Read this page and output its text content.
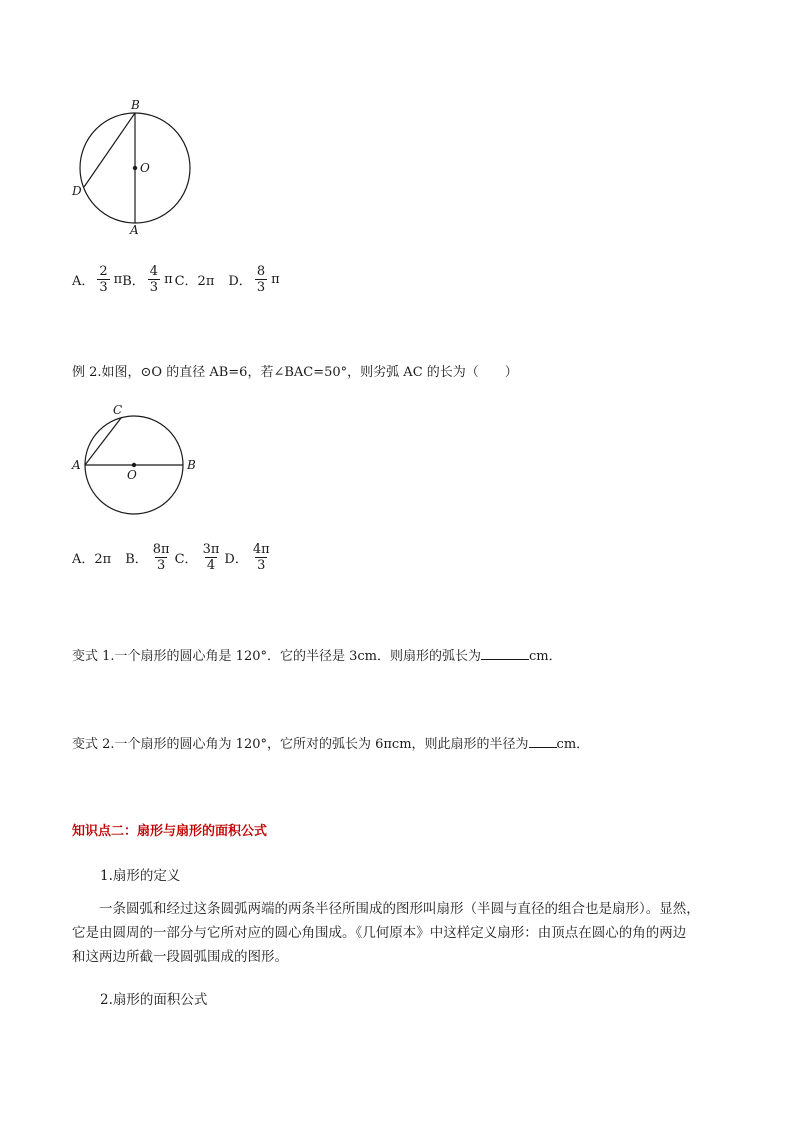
B
O
D
A
A． $\frac{2}{3}$ π B． $\frac{4}{3}$ π C．2π D． $\frac{8}{3}$ π
例 2.如图，⊙O 的直径 AB=6，若∠BAC=50°，则劣弧 AC 的长为（　　）
C
A
O
B
A．2π B． $\frac{8\pi}{3}$ C． $\frac{3\pi}{4}$ D． $\frac{4\pi}{3}$
变式 1.一个扇形的圆心角是 120°．它的半径是 3cm．则扇形的弧长为	cm．
变式 2.一个扇形的圆心角为 120°，它所对的弧长为 6πcm，则此扇形的半径为 cm．
知识点二：扇形与扇形的面积公式
1.扇形的定义
　　一条圆弧和经过这条圆弧两端的两条半径所围成的图形叫扇形（半圆与直径的组合也是扇形）。显然，
它是由圆周的一部分与它所对应的圆心角围成。《几何原本》中这样定义扇形：由顶点在圆心的角的两边
和这两边所截一段圆弧围成的图形。
2.扇形的面积公式
